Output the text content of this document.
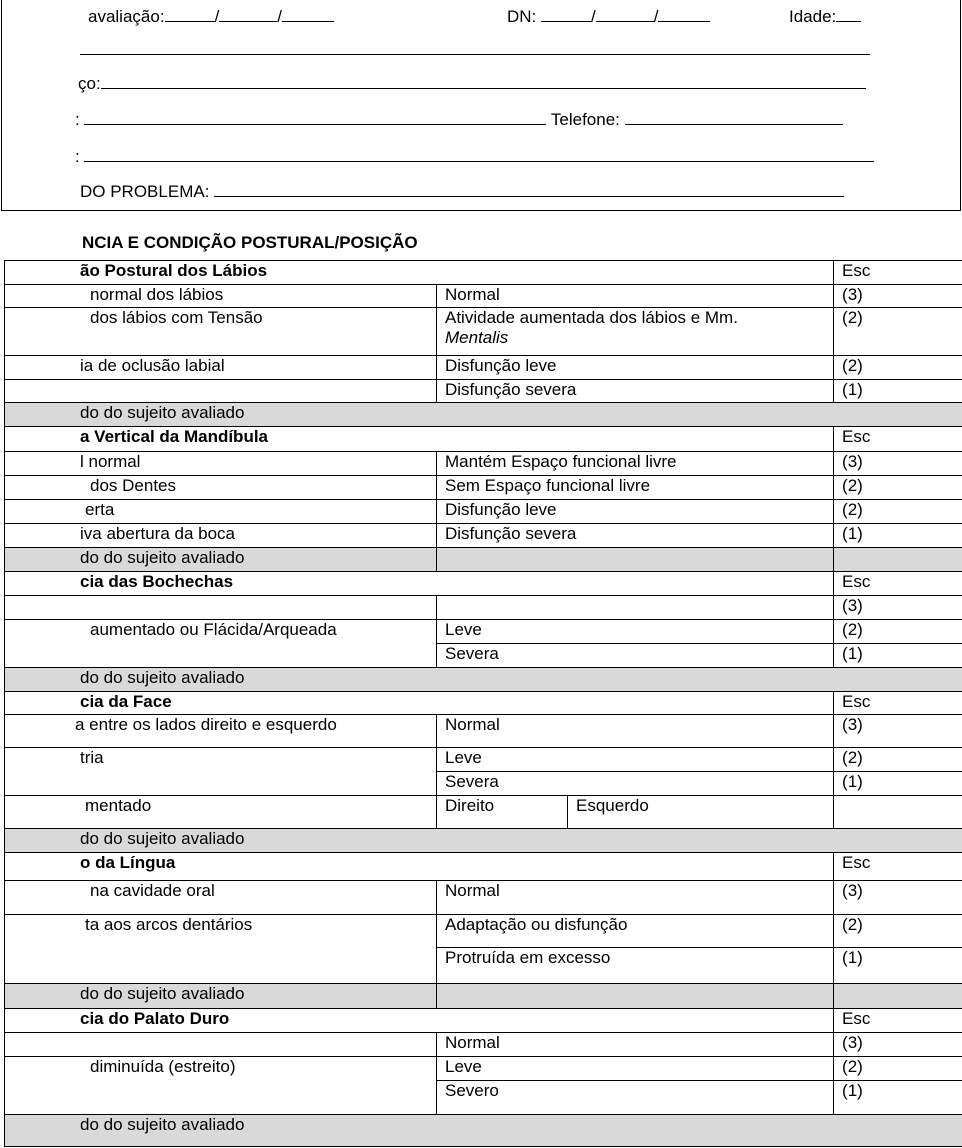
avaliação:	/	/	DN:	/	/	Idade:
ço:
:	Telefone:
:
DO PROBLEMA:
NCIA E CONDIÇÃO POSTURAL/POSIÇÃO
ão Postural dos Lábios			Esc
normal dos lábios	Normal		(3)
dos lábios com Tensão	Atividade aumentada dos lábios e Mm.
Mentalis		(2)
ia de oclusão labial	Disfunção leve		(2)
	Disfunção severa		(1)
do do sujeito avaliado			
a Vertical da Mandíbula			Esc
l normal	Mantém Espaço funcional livre		(3)
dos Dentes	Sem Espaço funcional livre		(2)
erta	Disfunção leve		(2)
iva abertura da boca	Disfunção severa		(1)
do do sujeito avaliado			
cia das Bochechas			Esc
			(3)
aumentado ou Flácida/Arqueada	Leve		(2)
	Severa		(1)
do do sujeito avaliado			
cia da Face			Esc
a entre os lados direito e esquerdo	Normal		(3)
tria	Leve		(2)
	Severa		(1)
mentado	Direito	Esquerdo	
do do sujeito avaliado			
o da Língua			Esc
na cavidade oral	Normal		(3)
ta aos arcos dentários	Adaptação ou disfunção		(2)
	Protruída em excesso		(1)
do do sujeito avaliado			
cia do Palato Duro			Esc
	Normal		(3)
diminuída (estreito)	Leve		(2)
	Severo		(1)
do do sujeito avaliado			
